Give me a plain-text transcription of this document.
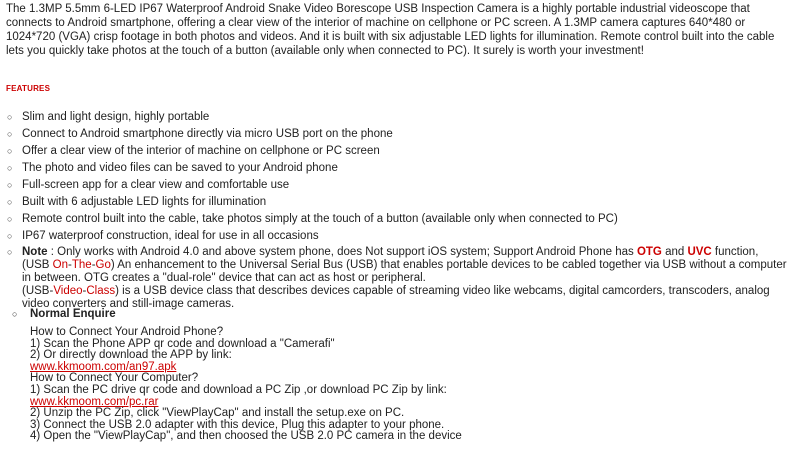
The 1.3MP 5.5mm 6-LED IP67 Waterproof Android Snake Video Borescope USB Inspection Camera is a highly portable industrial videoscope that connects to Android smartphone, offering a clear view of the interior of machine on cellphone or PC screen. A 1.3MP camera captures 640*480 or 1024*720 (VGA) crisp footage in both photos and videos. And it is built with six adjustable LED lights for illumination. Remote control built into the cable lets you quickly take photos at the touch of a button (available only when connected to PC). It surely is worth your investment!

FEATURES
○ Slim and light design, highly portable
○ Connect to Android smartphone directly via micro USB port on the phone
○ Offer a clear view of the interior of machine on cellphone or PC screen
○ The photo and video files can be saved to your Android phone
○ Full-screen app for a clear view and comfortable use
○ Built with 6 adjustable LED lights for illumination
○ Remote control built into the cable, take photos simply at the touch of a button (available only when connected to PC)
○ IP67 waterproof construction, ideal for use in all occasions
○ Note : Only works with Android 4.0 and above system phone, does Not support iOS system; Support Android Phone has OTG and UVC function,
(USB On-The-Go) An enhancement to the Universal Serial Bus (USB) that enables portable devices to be cabled together via USB without a computer in between. OTG creates a "dual-role" device that can act as host or peripheral.
(USB-Video-Class) is a USB device class that describes devices capable of streaming video like webcams, digital camcorders, transcoders, analog video converters and still-image cameras.
○ Normal Enquire
How to Connect Your Android Phone?
1) Scan the Phone APP qr code and download a "Camerafi"
2) Or directly download the APP by link:
www.kkmoom.com/an97.apk
How to Connect Your Computer?
1) Scan the PC drive qr code and download a PC Zip ,or download PC Zip by link:
www.kkmoom.com/pc.rar
2) Unzip the PC Zip, click "ViewPlayCap" and install the setup.exe on PC.
3) Connect the USB 2.0 adapter with this device, Plug this adapter to your phone.
4) Open the "ViewPlayCap", and then choosed the USB 2.0 PC camera in the device
